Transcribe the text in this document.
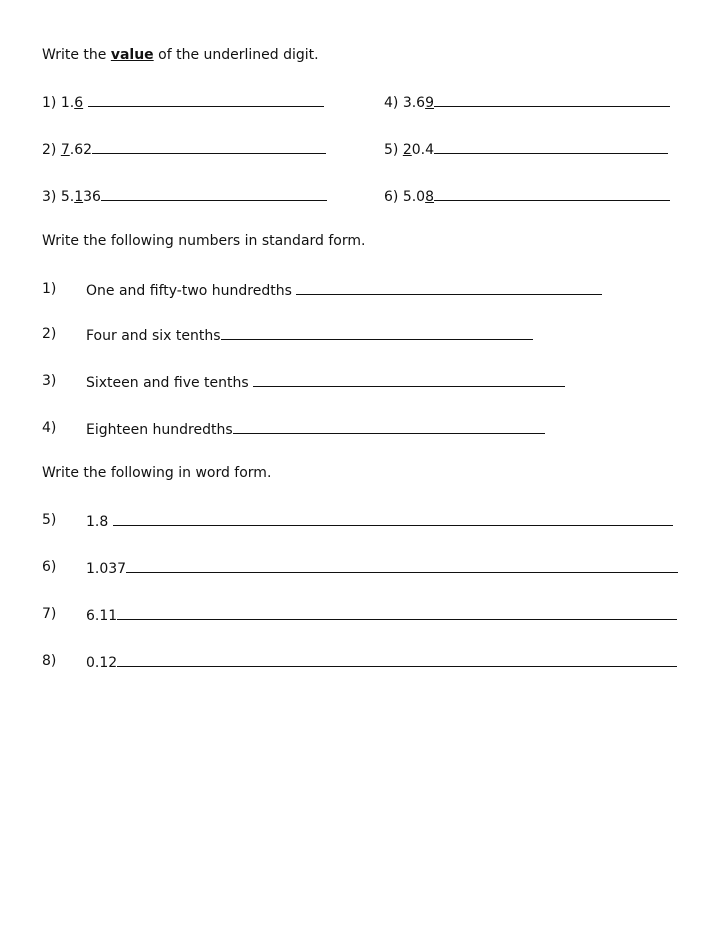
Write the value of the underlined digit.
1) 1.6	4) 3.69
2) 7.62	5) 20.4
3) 5.136	6) 5.08
Write the following numbers in standard form.
1) One and fifty-two hundredths
2) Four and six tenths
3) Sixteen and five tenths
4) Eighteen hundredths
Write the following in word form.
5) 1.8
6) 1.037
7) 6.11
8) 0.12
